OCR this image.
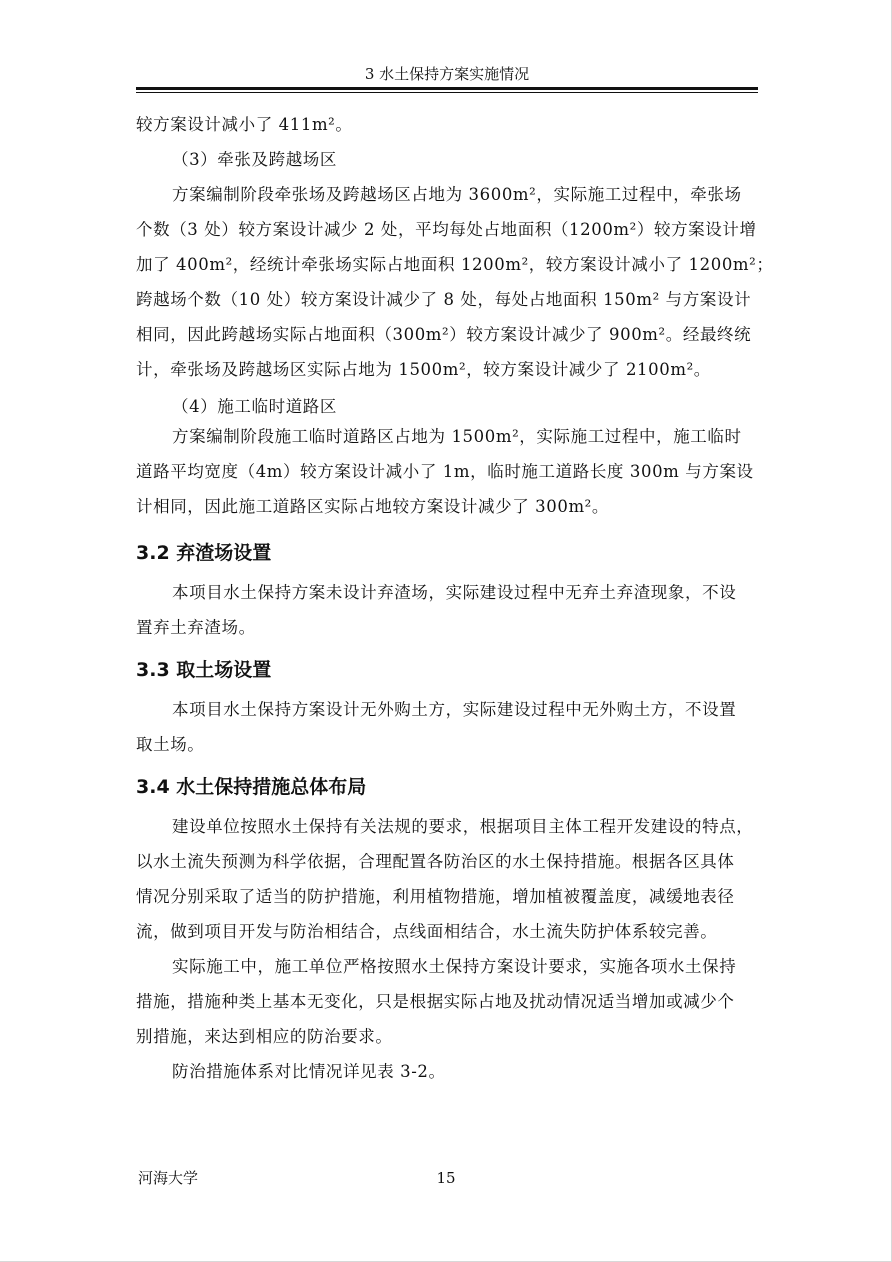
3 水土保持方案实施情况
较方案设计减小了 411m²。
（3）牵张及跨越场区
方案编制阶段牵张场及跨越场区占地为 3600m²，实际施工过程中，牵张场
个数（3 处）较方案设计减少 2 处，平均每处占地面积（1200m²）较方案设计增
加了 400m²，经统计牵张场实际占地面积 1200m²，较方案设计减小了 1200m²；
跨越场个数（10 处）较方案设计减少了 8 处，每处占地面积 150m² 与方案设计
相同，因此跨越场实际占地面积（300m²）较方案设计减少了 900m²。经最终统
计，牵张场及跨越场区实际占地为 1500m²，较方案设计减少了 2100m²。
（4）施工临时道路区
方案编制阶段施工临时道路区占地为 1500m²，实际施工过程中，施工临时
道路平均宽度（4m）较方案设计减小了 1m，临时施工道路长度 300m 与方案设
计相同，因此施工道路区实际占地较方案设计减少了 300m²。
3.2 弃渣场设置
本项目水土保持方案未设计弃渣场，实际建设过程中无弃土弃渣现象，不设
置弃土弃渣场。
3.3 取土场设置
本项目水土保持方案设计无外购土方，实际建设过程中无外购土方，不设置
取土场。
3.4 水土保持措施总体布局
建设单位按照水土保持有关法规的要求，根据项目主体工程开发建设的特点，
以水土流失预测为科学依据，合理配置各防治区的水土保持措施。根据各区具体
情况分别采取了适当的防护措施，利用植物措施，增加植被覆盖度，减缓地表径
流，做到项目开发与防治相结合，点线面相结合，水土流失防护体系较完善。
实际施工中，施工单位严格按照水土保持方案设计要求，实施各项水土保持
措施，措施种类上基本无变化，只是根据实际占地及扰动情况适当增加或减少个
别措施，来达到相应的防治要求。
防治措施体系对比情况详见表 3-2。
河海大学	15
